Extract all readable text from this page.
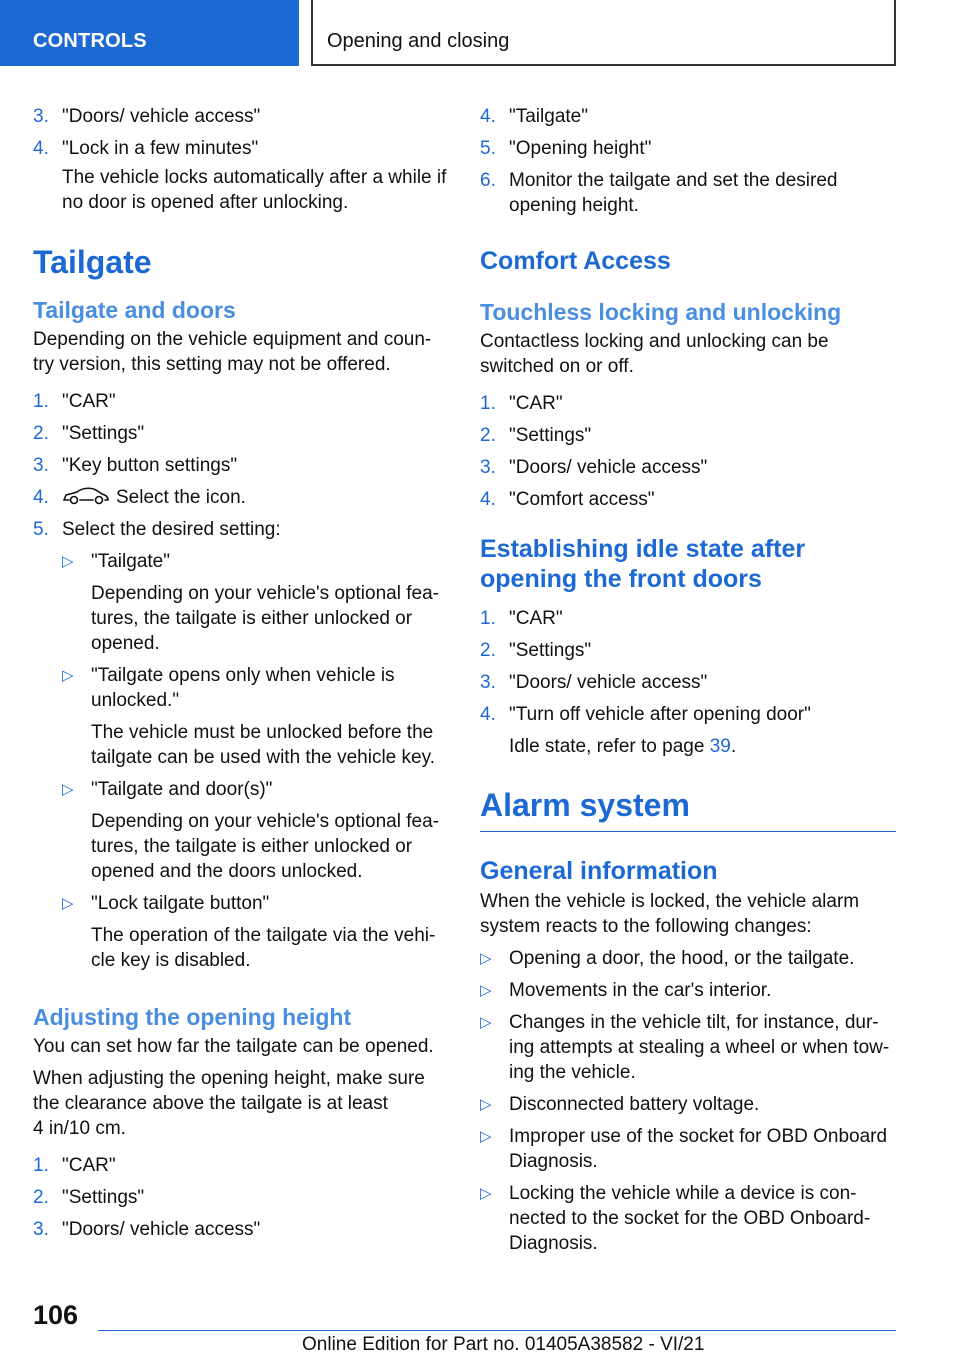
CONTROLS	Opening and closing
3. "Doors/ vehicle access"
4. "Lock in a few minutes"
The vehicle locks automatically after a while if no door is opened after unlocking.
Tailgate
Tailgate and doors
Depending on the vehicle equipment and coun-try version, this setting may not be offered.
1. "CAR"
2. "Settings"
3. "Key button settings"
4.	Select the icon.
5. Select the desired setting:
▷ "Tailgate"
Depending on your vehicle's optional fea-tures, the tailgate is either unlocked or opened.
▷ "Tailgate opens only when vehicle is unlocked."
The vehicle must be unlocked before the tailgate can be used with the vehicle key.
▷ "Tailgate and door(s)"
Depending on your vehicle's optional fea-tures, the tailgate is either unlocked or opened and the doors unlocked.
▷ "Lock tailgate button"
The operation of the tailgate via the vehi-cle key is disabled.
Adjusting the opening height
You can set how far the tailgate can be opened.
When adjusting the opening height, make sure the clearance above the tailgate is at least
4 in/10 cm.
1. "CAR"
2. "Settings"
3. "Doors/ vehicle access"
4. "Tailgate"
5. "Opening height"
6. Monitor the tailgate and set the desired opening height.
Comfort Access
Touchless locking and unlocking
Contactless locking and unlocking can be switched on or off.
1. "CAR"
2. "Settings"
3. "Doors/ vehicle access"
4. "Comfort access"
Establishing idle state after opening the front doors
1. "CAR"
2. "Settings"
3. "Doors/ vehicle access"
4. "Turn off vehicle after opening door"
Idle state, refer to page 39.
Alarm system
General information
When the vehicle is locked, the vehicle alarm system reacts to the following changes:
▷ Opening a door, the hood, or the tailgate.
▷ Movements in the car's interior.
▷ Changes in the vehicle tilt, for instance, dur-ing attempts at stealing a wheel or when tow-ing the vehicle.
▷ Disconnected battery voltage.
▷ Improper use of the socket for OBD Onboard Diagnosis.
▷ Locking the vehicle while a device is con-nected to the socket for the OBD Onboard-Diagnosis.
106
Online Edition for Part no. 01405A38582 - VI/21
